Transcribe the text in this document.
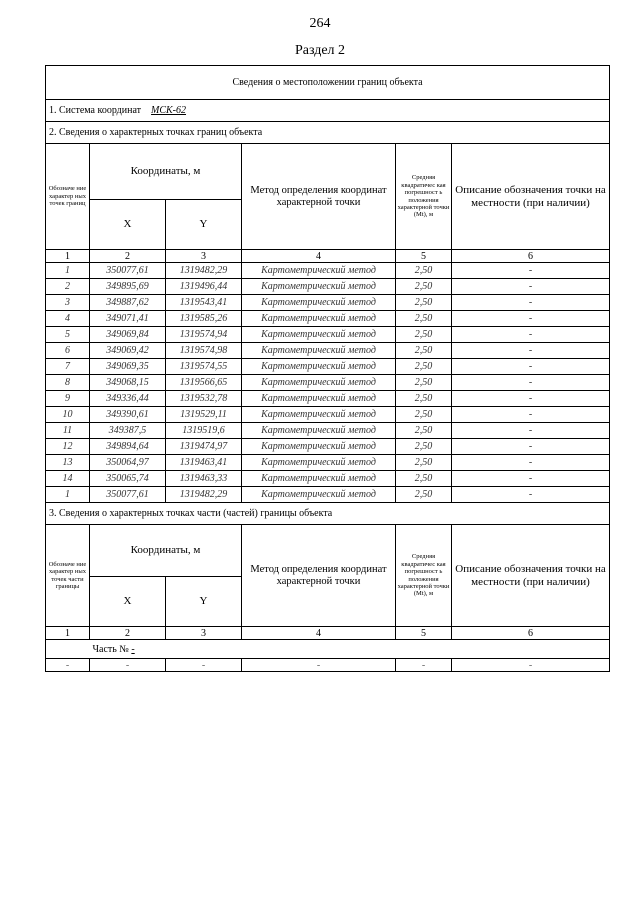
264
Раздел 2
Сведения о местоположении границ объекта					
1. Система координат МСК-62					
2. Сведения о характерных точках границ объекта					
Обозначе ние характер ных точек границ	Координаты, м		Метод определения координат характерной точки	Средняя квадратичес кая погрешност ь положения характерной точки (Mt), м	Описание обозначения точки на местности (при наличии)
	X	Y			
1	2	3	4	5	6
1	350077,61	1319482,29	Картометрический метод	2,50	-
2	349895,69	1319496,44	Картометрический метод	2,50	-
3	349887,62	1319543,41	Картометрический метод	2,50	-
4	349071,41	1319585,26	Картометрический метод	2,50	-
5	349069,84	1319574,94	Картометрический метод	2,50	-
6	349069,42	1319574,98	Картометрический метод	2,50	-
7	349069,35	1319574,55	Картометрический метод	2,50	-
8	349068,15	1319566,65	Картометрический метод	2,50	-
9	349336,44	1319532,78	Картометрический метод	2,50	-
10	349390,61	1319529,11	Картометрический метод	2,50	-
11	349387,5	1319519,6	Картометрический метод	2,50	-
12	349894,64	1319474,97	Картометрический метод	2,50	-
13	350064,97	1319463,41	Картометрический метод	2,50	-
14	350065,74	1319463,33	Картометрический метод	2,50	-
1	350077,61	1319482,29	Картометрический метод	2,50	-
3. Сведения о характерных точках части (частей) границы объекта					
Обозначе ние характер ных точек части границы	Координаты, м		Метод определения координат характерной точки	Средняя квадратичес кая погрешност ь положения характерной точки (Mt), м	Описание обозначения точки на местности (при наличии)
	X	Y			
1	2	3	4	5	6
	Часть № -				
-	-	-	-	-	-
